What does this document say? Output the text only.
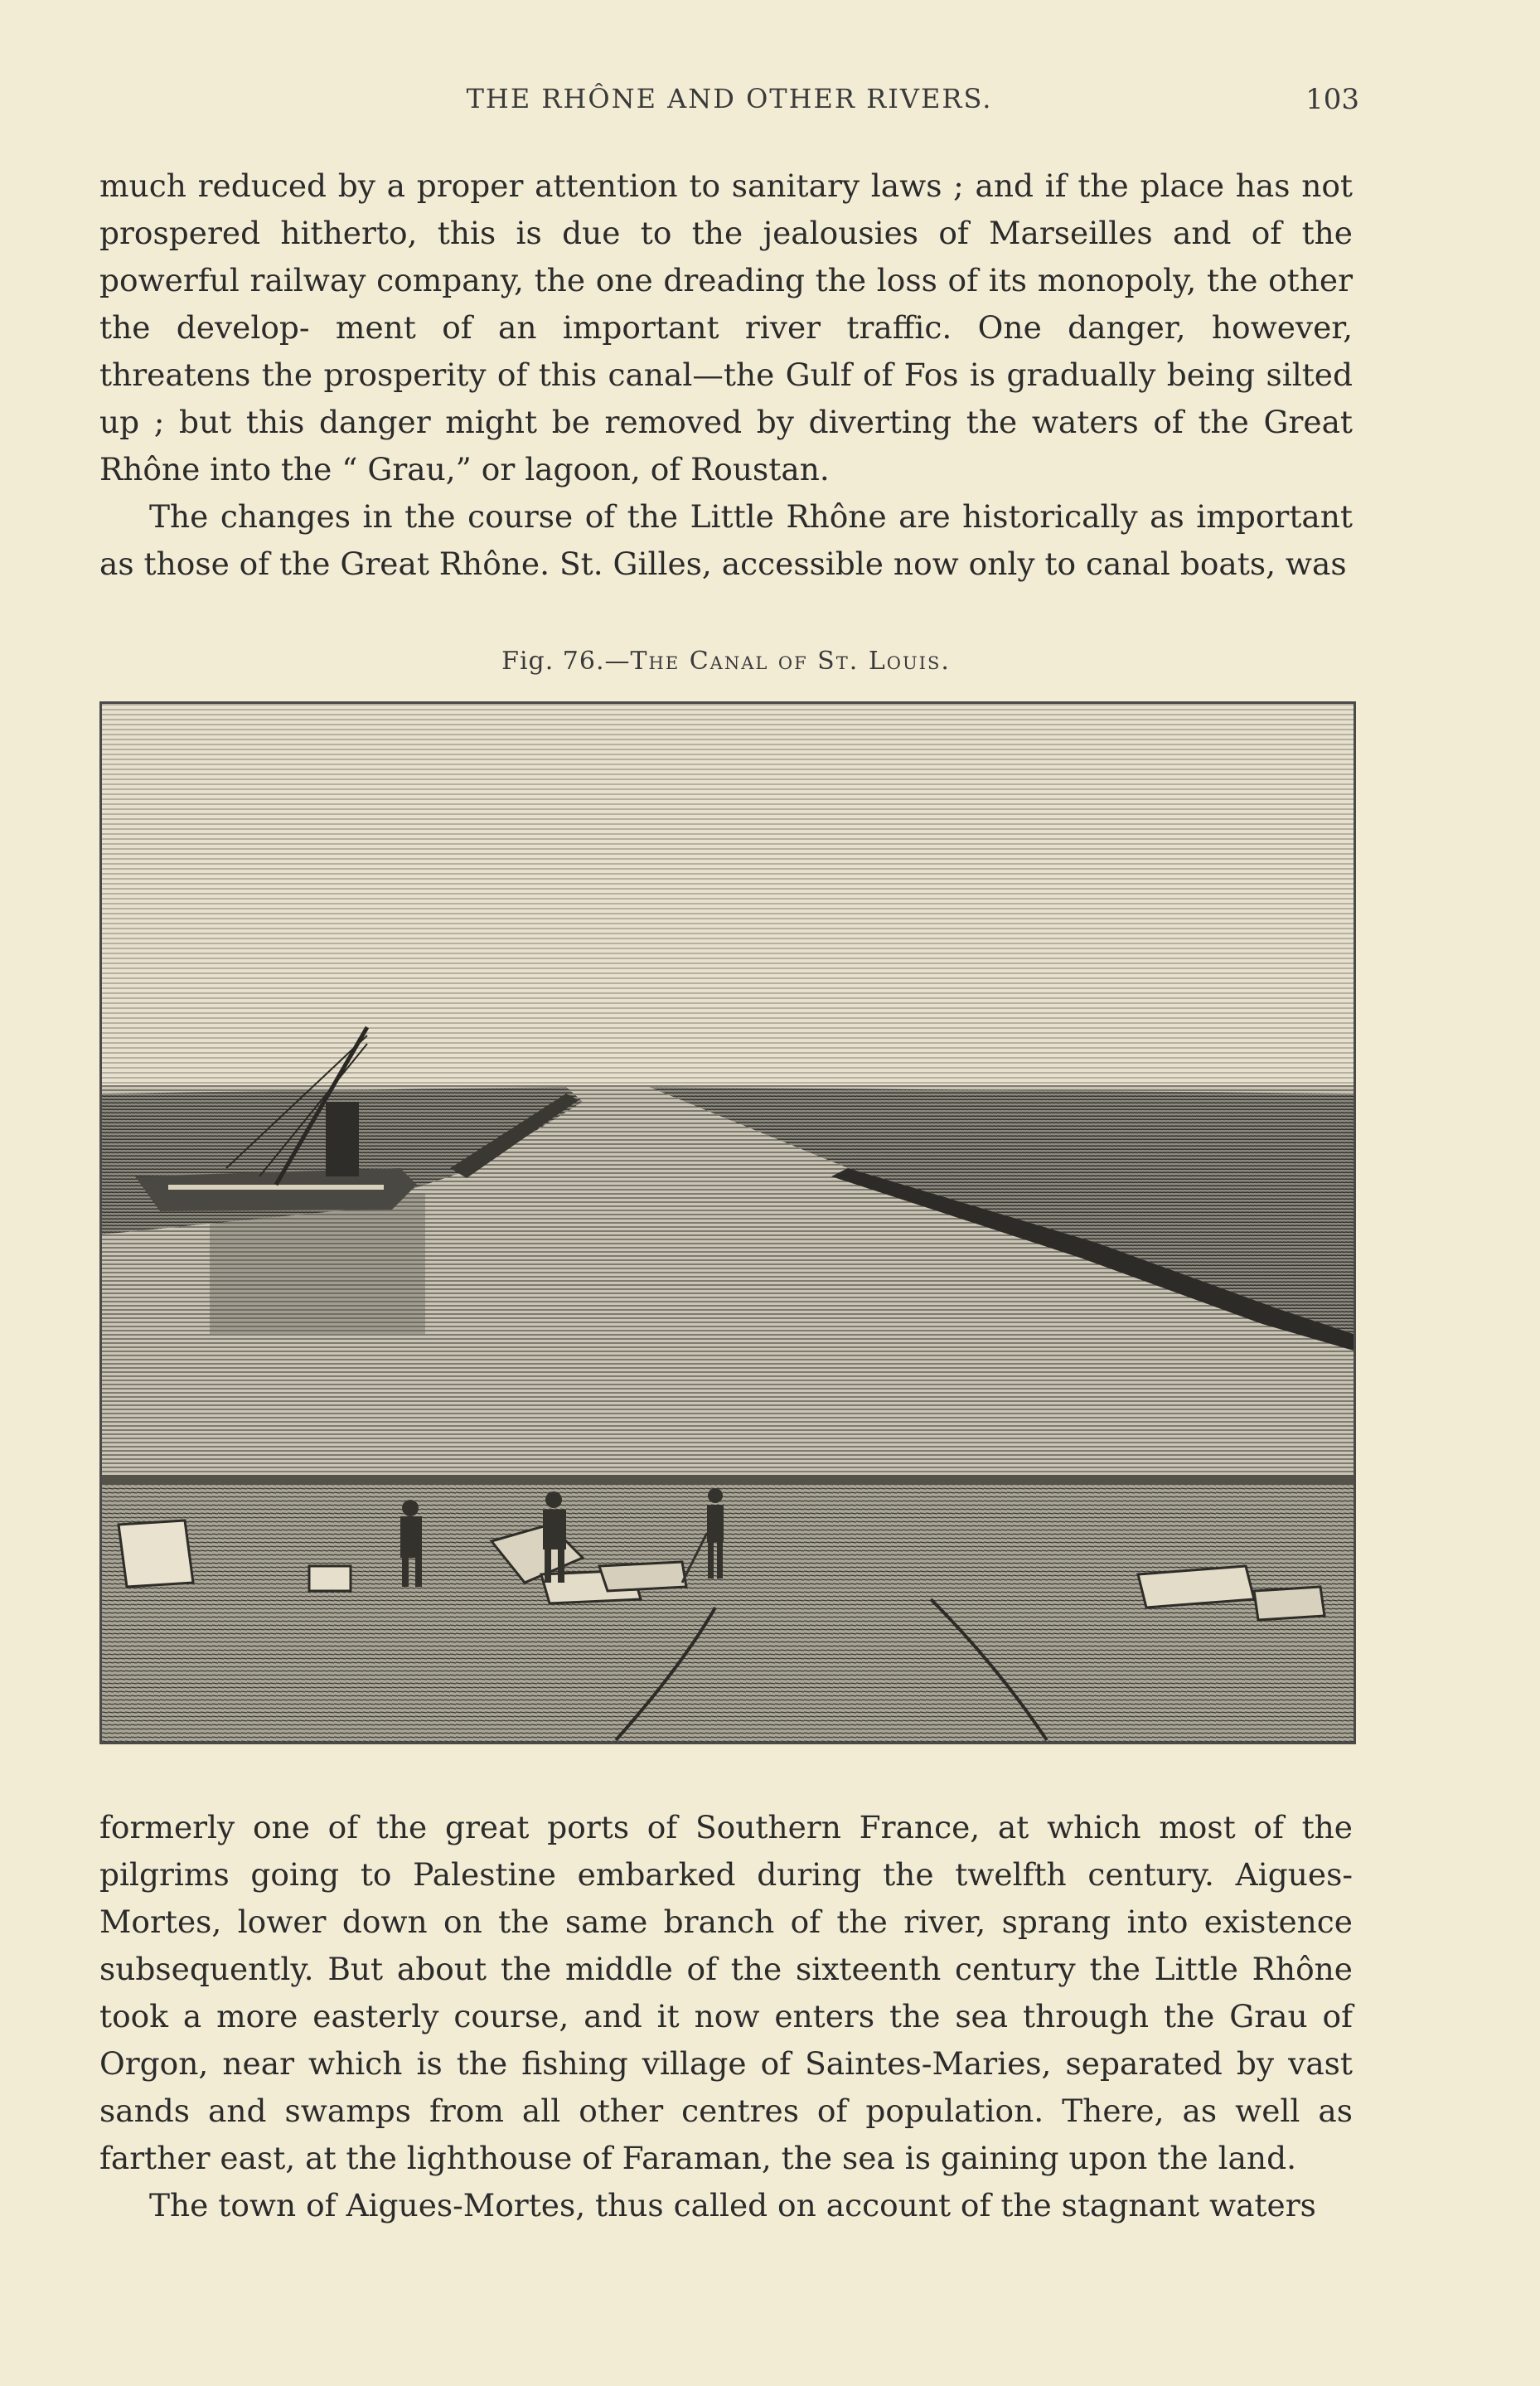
THE RHÔNE AND OTHER RIVERS.	103

much reduced by a proper attention to sanitary laws ; and if the place has not prospered hitherto, this is due to the jealousies of Marseilles and of the powerful railway company, the one dreading the loss of its monopoly, the other the develop- ment of an important river traffic. One danger, however, threatens the prosperity of this canal—the Gulf of Fos is gradually being silted up ; but this danger might be removed by diverting the waters of the Great Rhône into the “ Grau,” or lagoon, of Roustan.

The changes in the course of the Little Rhône are historically as important as those of the Great Rhône. St. Gilles, accessible now only to canal boats, was

Fig. 76.—The Canal of St. Louis.

formerly one of the great ports of Southern France, at which most of the pilgrims going to Palestine embarked during the twelfth century. Aigues-Mortes, lower down on the same branch of the river, sprang into existence subsequently. But about the middle of the sixteenth century the Little Rhône took a more easterly course, and it now enters the sea through the Grau of Orgon, near which is the fishing village of Saintes-Maries, separated by vast sands and swamps from all other centres of population. There, as well as farther east, at the lighthouse of Faraman, the sea is gaining upon the land.

The town of Aigues-Mortes, thus called on account of the stagnant waters
